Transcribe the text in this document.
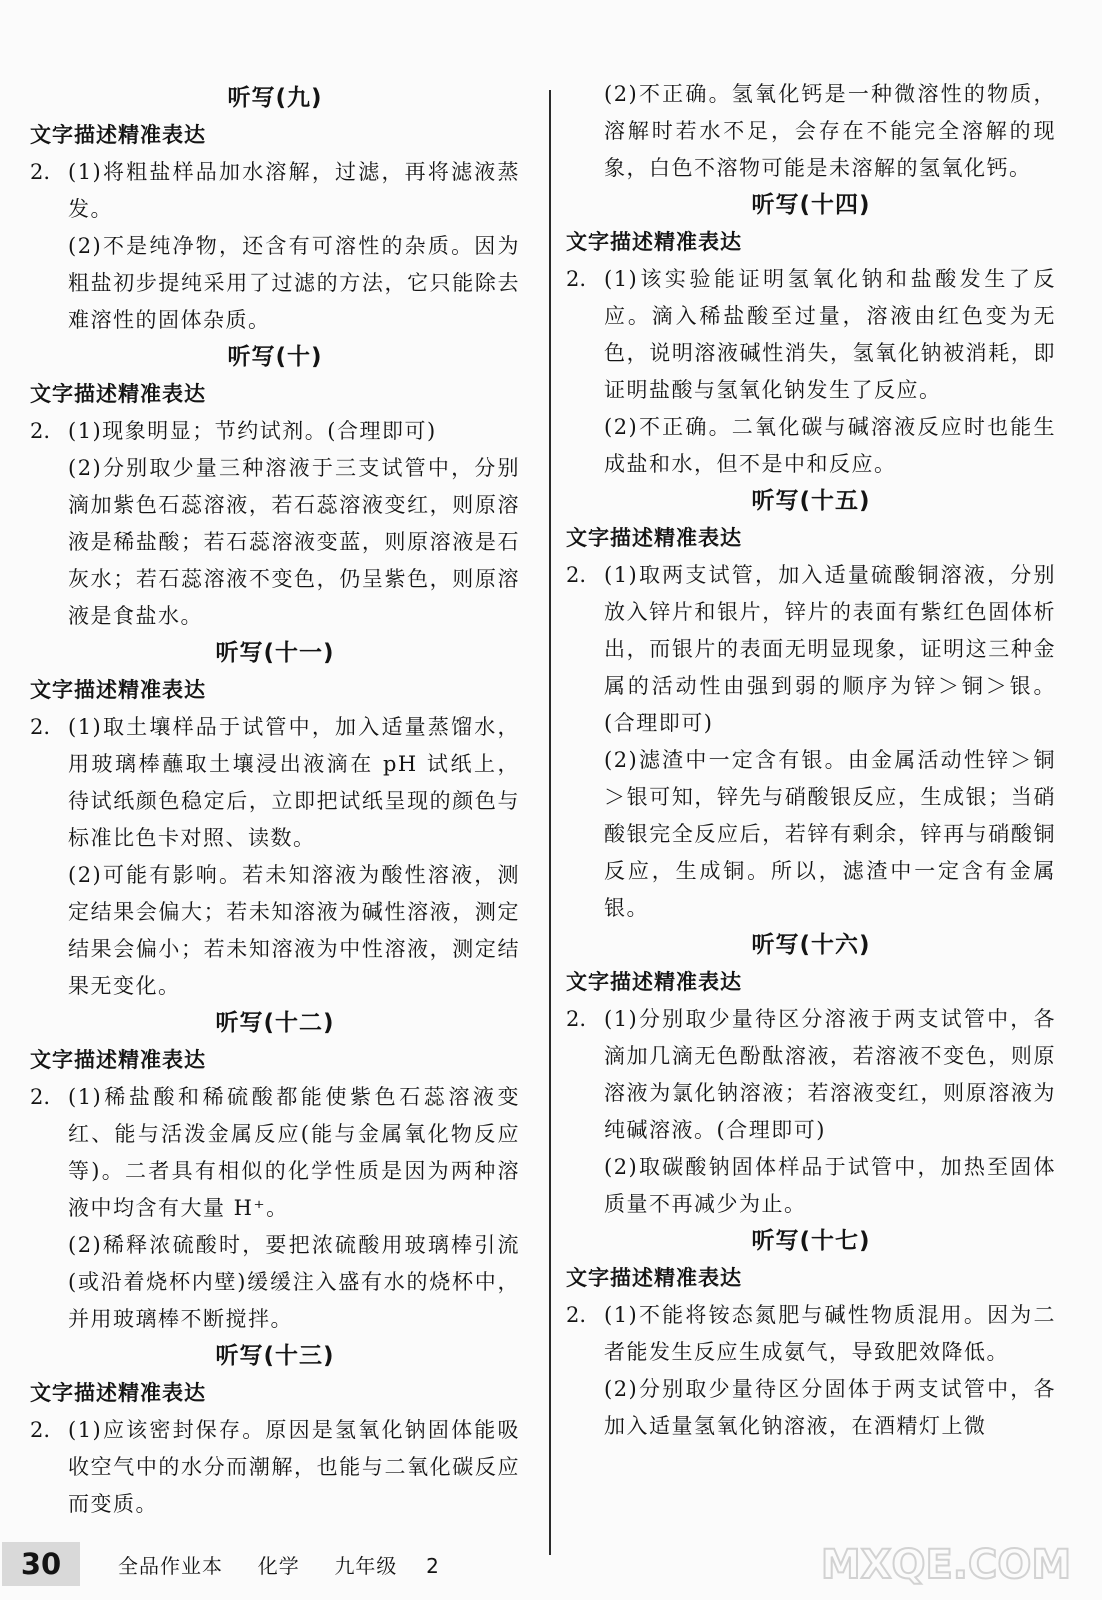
听写(九)
文字描述精准表达
2. (1)将粗盐样品加水溶解，过滤，再将滤液蒸发。

(2)不是纯净物，还含有可溶性的杂质。因为粗盐初步提纯采用了过滤的方法，它只能除去难溶性的固体杂质。

听写(十)
文字描述精准表达
2. (1)现象明显；节约试剂。(合理即可)

(2)分别取少量三种溶液于三支试管中，分别滴加紫色石蕊溶液，若石蕊溶液变红，则原溶液是稀盐酸；若石蕊溶液变蓝，则原溶液是石灰水；若石蕊溶液不变色，仍呈紫色，则原溶液是食盐水。

听写(十一)
文字描述精准表达
2. (1)取土壤样品于试管中，加入适量蒸馏水，用玻璃棒蘸取土壤浸出液滴在 pH 试纸上，待试纸颜色稳定后，立即把试纸呈现的颜色与标准比色卡对照、读数。

(2)可能有影响。若未知溶液为酸性溶液，测定结果会偏大；若未知溶液为碱性溶液，测定结果会偏小；若未知溶液为中性溶液，测定结果无变化。

听写(十二)
文字描述精准表达
2. (1)稀盐酸和稀硫酸都能使紫色石蕊溶液变红、能与活泼金属反应(能与金属氧化物反应等)。二者具有相似的化学性质是因为两种溶液中均含有大量 H⁺。

(2)稀释浓硫酸时，要把浓硫酸用玻璃棒引流(或沿着烧杯内壁)缓缓注入盛有水的烧杯中，并用玻璃棒不断搅拌。

听写(十三)
文字描述精准表达
2. (1)应该密封保存。原因是氢氧化钠固体能吸收空气中的水分而潮解，也能与二氧化碳反应而变质。

(2)不正确。氢氧化钙是一种微溶性的物质，溶解时若水不足，会存在不能完全溶解的现象，白色不溶物可能是未溶解的氢氧化钙。

听写(十四)
文字描述精准表达
2. (1)该实验能证明氢氧化钠和盐酸发生了反应。滴入稀盐酸至过量，溶液由红色变为无色，说明溶液碱性消失，氢氧化钠被消耗，即证明盐酸与氢氧化钠发生了反应。

(2)不正确。二氧化碳与碱溶液反应时也能生成盐和水，但不是中和反应。

听写(十五)
文字描述精准表达
2. (1)取两支试管，加入适量硫酸铜溶液，分别放入锌片和银片，锌片的表面有紫红色固体析出，而银片的表面无明显现象，证明这三种金属的活动性由强到弱的顺序为锌＞铜＞银。(合理即可)

(2)滤渣中一定含有银。由金属活动性锌＞铜＞银可知，锌先与硝酸银反应，生成银；当硝酸银完全反应后，若锌有剩余，锌再与硝酸铜反应，生成铜。所以，滤渣中一定含有金属银。

听写(十六)
文字描述精准表达
2. (1)分别取少量待区分溶液于两支试管中，各滴加几滴无色酚酞溶液，若溶液不变色，则原溶液为氯化钠溶液；若溶液变红，则原溶液为纯碱溶液。(合理即可)

(2)取碳酸钠固体样品于试管中，加热至固体质量不再减少为止。

听写(十七)
文字描述精准表达
2. (1)不能将铵态氮肥与碱性物质混用。因为二者能发生反应生成氨气，导致肥效降低。

(2)分别取少量待区分固体于两支试管中，各加入适量氢氧化钠溶液，在酒精灯上微

30	全品作业本 化学 九年级 2	MXQE.COM
